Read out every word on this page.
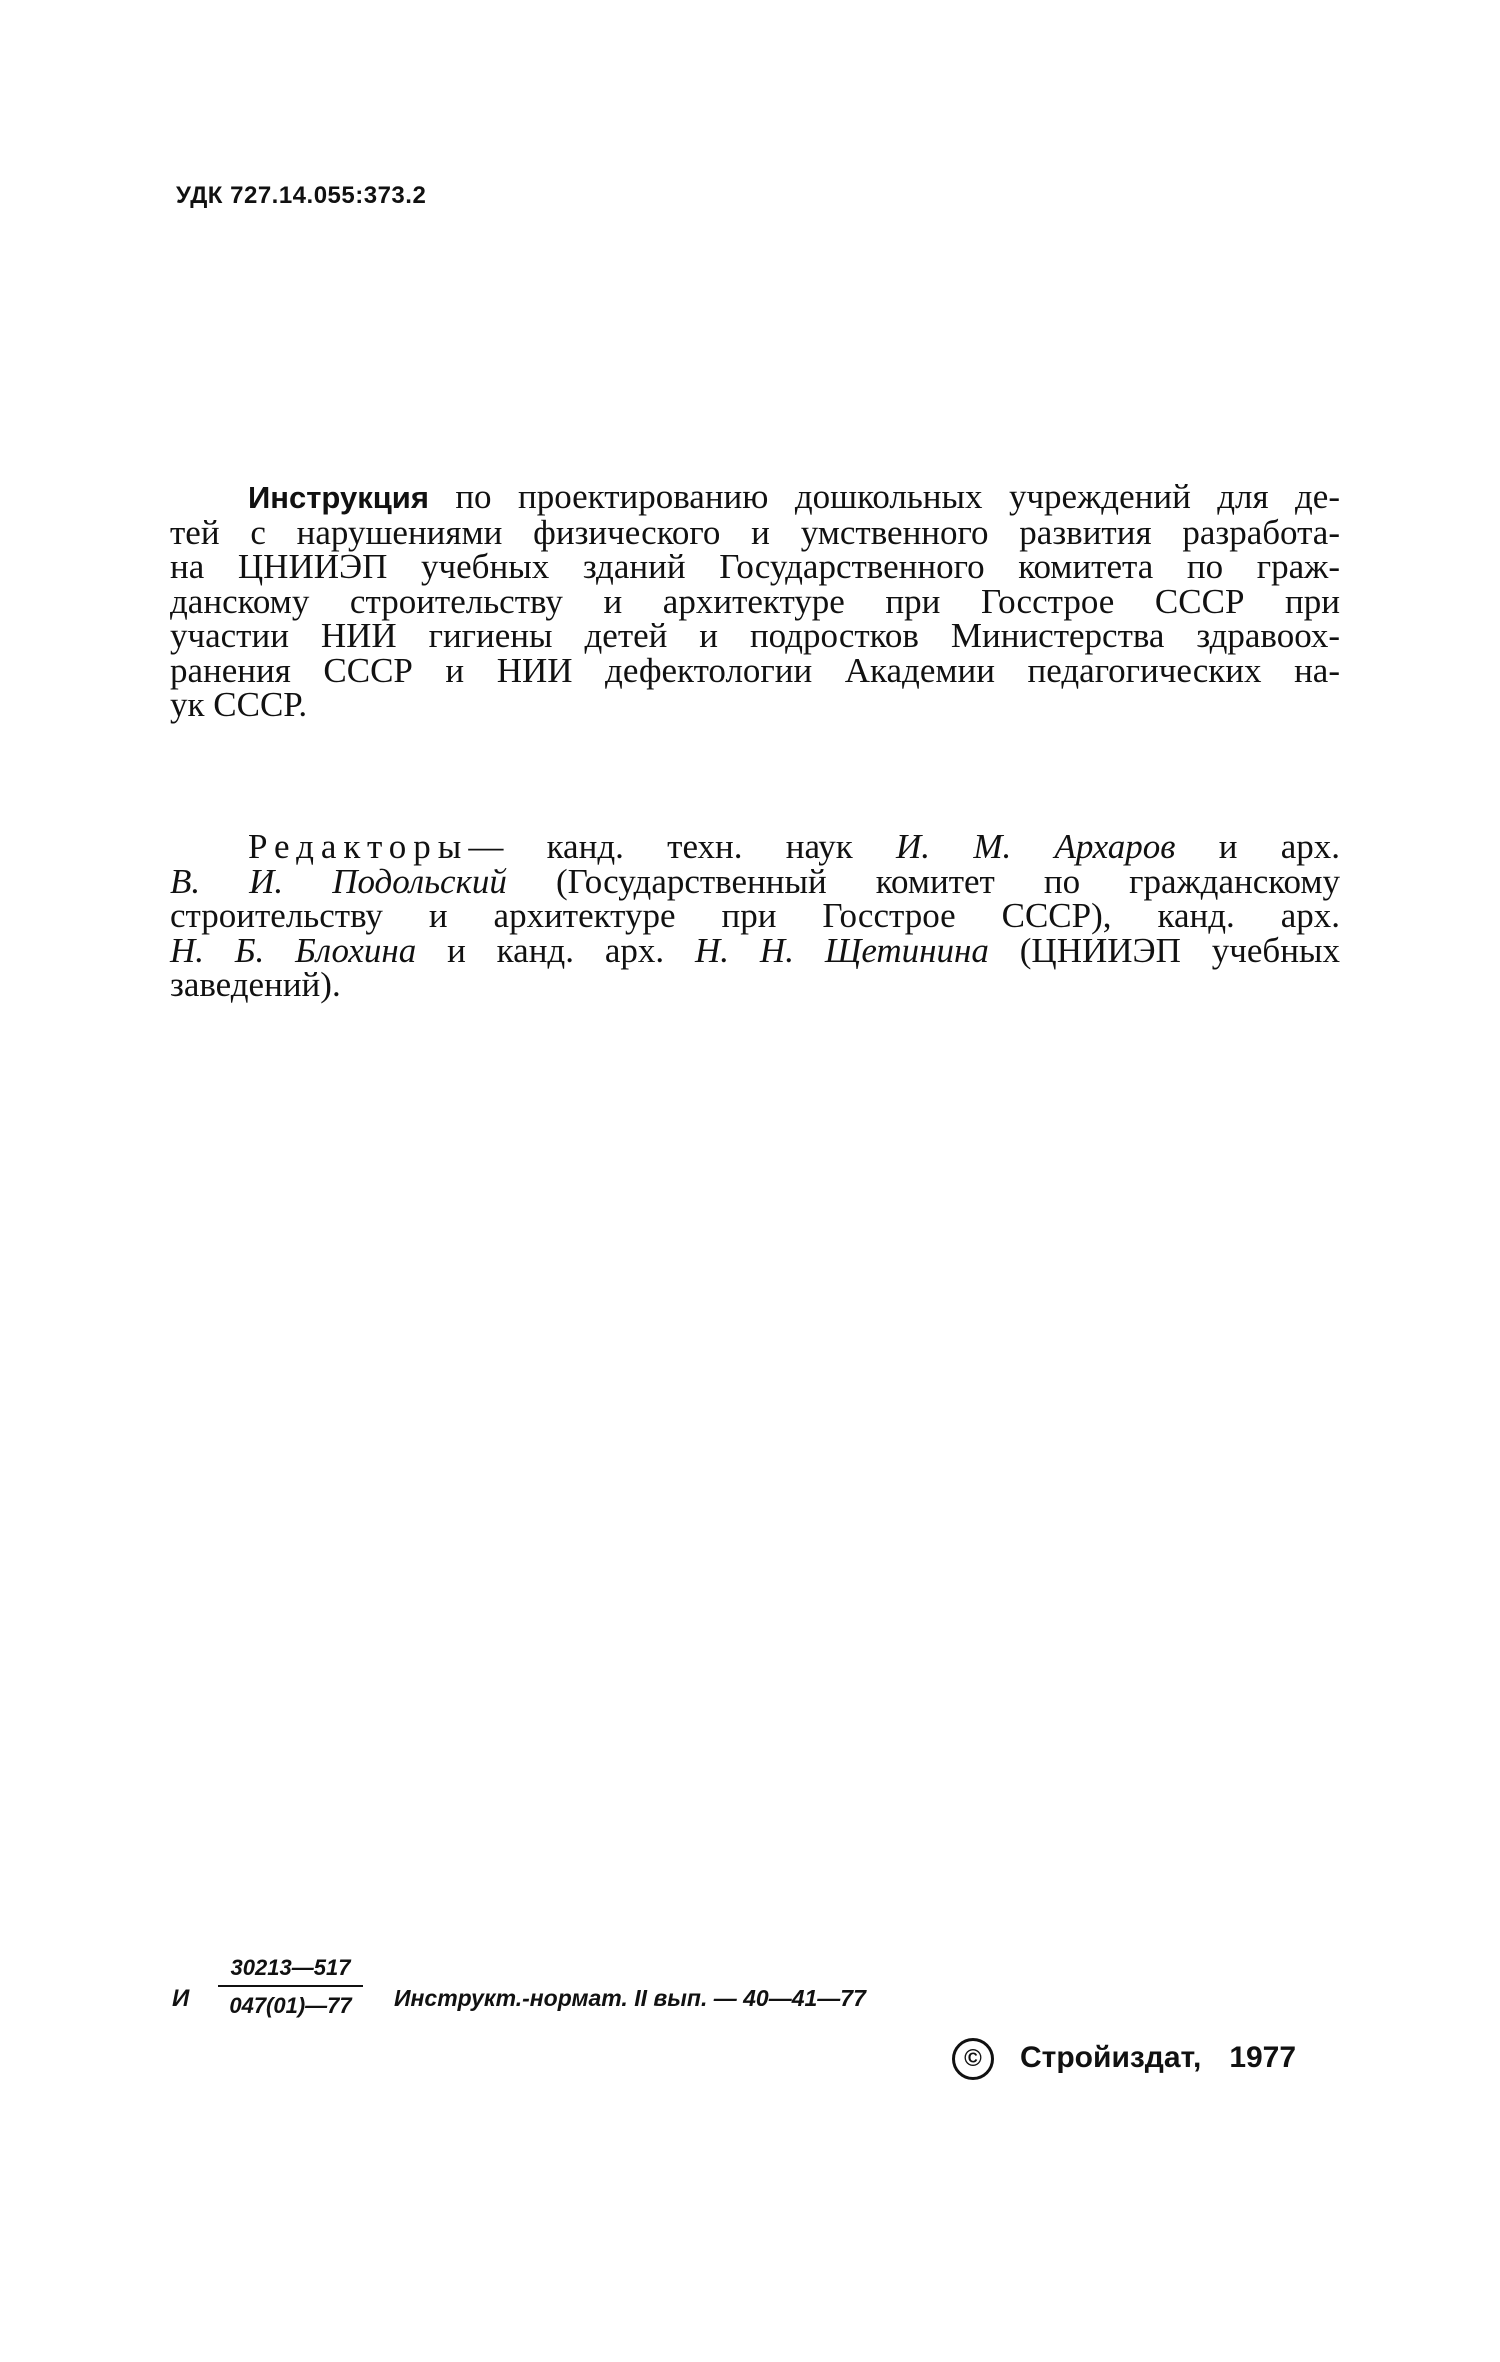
УДК 727.14.055:373.2
Инструкция по проектированию дошкольных учреждений для де-
тей с нарушениями физического и умственного развития разработа-
на ЦНИИЭП учебных зданий Государственного комитета по граж-
данскому строительству и архитектуре при Госстрое СССР при
участии НИИ гигиены детей и подростков Министерства здравоох-
ранения СССР и НИИ дефектологии Академии педагогических на-
ук СССР.
Редакторы— канд. техн. наук И. М. Архаров и арх.
В. И. Подольский (Государственный комитет по гражданскому
строительству и архитектуре при Госстрое СССР), канд. арх.
Н. Б. Блохина и канд. арх. Н. Н. Щетинина (ЦНИИЭП учебных
заведений).
И $\frac{30213—517}{047(01)—77}$ Инструкт.-нормат. II вып. — 40—41—77
© Стройиздат, 1977
